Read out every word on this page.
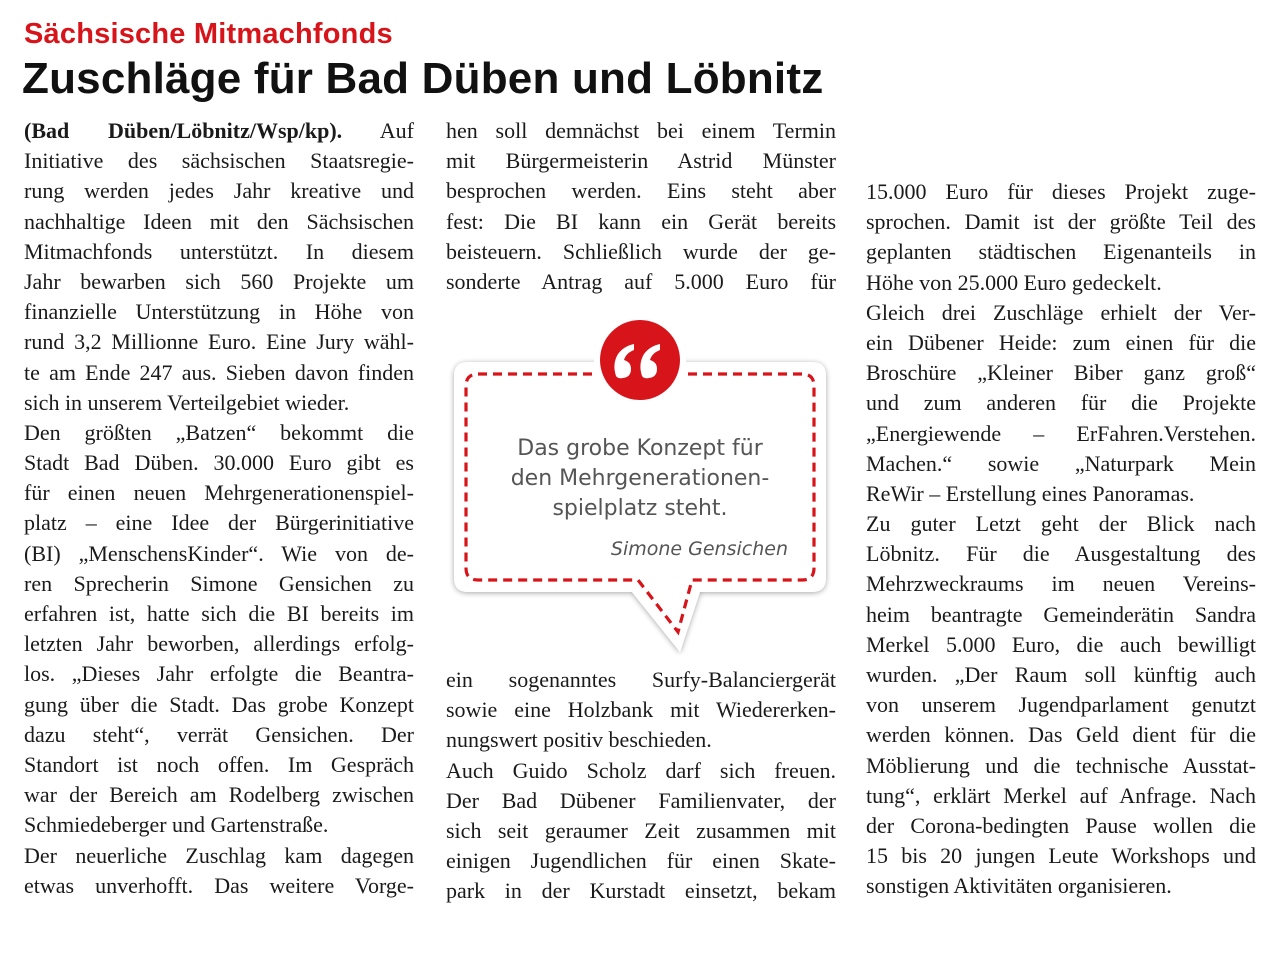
Sächsische Mitmachfonds
Zuschläge für Bad Düben und Löbnitz
(Bad Düben/Löbnitz/Wsp/kp). Auf
Initiative des sächsischen Staatsregie-
rung werden jedes Jahr kreative und
nachhaltige Ideen mit den Sächsischen
Mitmachfonds unterstützt. In diesem
Jahr bewarben sich 560 Projekte um
finanzielle Unterstützung in Höhe von
rund 3,2 Millionne Euro. Eine Jury wähl-
te am Ende 247 aus. Sieben davon finden
sich in unserem Verteilgebiet wieder.
Den größten „Batzen“ bekommt die
Stadt Bad Düben. 30.000 Euro gibt es
für einen neuen Mehrgenerationenspiel-
platz – eine Idee der Bürgerinitiative
(BI) „MenschensKinder“. Wie von de-
ren Sprecherin Simone Gensichen zu
erfahren ist, hatte sich die BI bereits im
letzten Jahr beworben, allerdings erfolg-
los. „Dieses Jahr erfolgte die Beantra-
gung über die Stadt. Das grobe Konzept
dazu steht“, verrät Gensichen. Der
Standort ist noch offen. Im Gespräch
war der Bereich am Rodelberg zwischen
Schmiedeberger und Gartenstraße.
Der neuerliche Zuschlag kam dagegen
etwas unverhofft. Das weitere Vorge-
hen soll demnächst bei einem Termin
mit Bürgermeisterin Astrid Münster
besprochen werden. Eins steht aber
fest: Die BI kann ein Gerät bereits
beisteuern. Schließlich wurde der ge-
sonderte Antrag auf 5.000 Euro für
Das grobe Konzept für
den Mehrgenerationen-
spielplatz steht.
Simone Gensichen
ein sogenanntes Surfy-Balanciergerät
sowie eine Holzbank mit Wiedererken-
nungswert positiv beschieden.
Auch Guido Scholz darf sich freuen.
Der Bad Dübener Familienvater, der
sich seit geraumer Zeit zusammen mit
einigen Jugendlichen für einen Skate-
park in der Kurstadt einsetzt, bekam
15.000 Euro für dieses Projekt zuge-
sprochen. Damit ist der größte Teil des
geplanten städtischen Eigenanteils in
Höhe von 25.000 Euro gedeckelt.
Gleich drei Zuschläge erhielt der Ver-
ein Dübener Heide: zum einen für die
Broschüre „Kleiner Biber ganz groß“
und zum anderen für die Projekte
„Energiewende – ErFahren.Verstehen.
Machen.“ sowie „Naturpark Mein
ReWir – Erstellung eines Panoramas.
Zu guter Letzt geht der Blick nach
Löbnitz. Für die Ausgestaltung des
Mehrzweckraums im neuen Vereins-
heim beantragte Gemeinderätin Sandra
Merkel 5.000 Euro, die auch bewilligt
wurden. „Der Raum soll künftig auch
von unserem Jugendparlament genutzt
werden können. Das Geld dient für die
Möblierung und die technische Ausstat-
tung“, erklärt Merkel auf Anfrage. Nach
der Corona-bedingten Pause wollen die
15 bis 20 jungen Leute Workshops und
sonstigen Aktivitäten organisieren.
